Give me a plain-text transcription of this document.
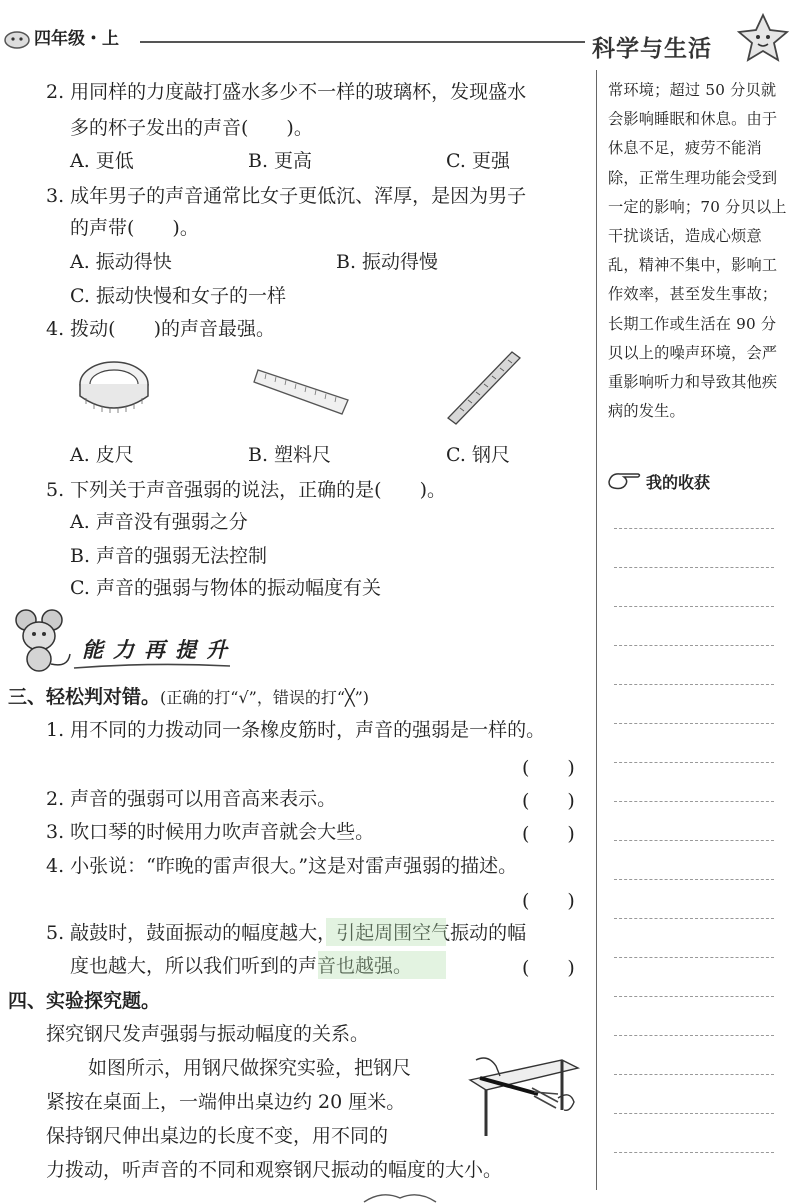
四年级・上	科学与生活
常环境；超过 50 分贝就会影响睡眠和休息。由于休息不足，疲劳不能消除，正常生理功能会受到一定的影响；70 分贝以上干扰谈话，造成心烦意乱，精神不集中，影响工作效率，甚至发生事故；长期工作或生活在 90 分贝以上的噪声环境，会严重影响听力和导致其他疾病的发生。
我的收获
2. 用同样的力度敲打盛水多少不一样的玻璃杯，发现盛水
多的杯子发出的声音(　　)。
A. 更低	B. 更高	C. 更强
3. 成年男子的声音通常比女子更低沉、浑厚，是因为男子
的声带(　　)。
A. 振动得快	B. 振动得慢
C. 振动快慢和女子的一样
4. 拨动(　　)的声音最强。
A. 皮尺	B. 塑料尺	C. 钢尺
5. 下列关于声音强弱的说法，正确的是(　　)。
A. 声音没有强弱之分
B. 声音的强弱无法控制
C. 声音的强弱与物体的振动幅度有关
能力再提升
三、轻松判对错。(正确的打“√”，错误的打“╳”)
1. 用不同的力拨动同一条橡皮筋时，声音的强弱是一样的。
(　　)
2. 声音的强弱可以用音高来表示。	(　　)
3. 吹口琴的时候用力吹声音就会大些。	(　　)
4. 小张说：“昨晚的雷声很大。”这是对雷声强弱的描述。
(　　)
5. 敲鼓时，鼓面振动的幅度越大，引起周围空气振动的幅
度也越大，所以我们听到的声音也越强。	(　　)
四、实验探究题。
探究钢尺发声强弱与振动幅度的关系。
如图所示，用钢尺做探究实验，把钢尺
紧按在桌面上，一端伸出桌边约 20 厘米。
保持钢尺伸出桌边的长度不变，用不同的
力拨动，听声音的不同和观察钢尺振动的幅度的大小。
